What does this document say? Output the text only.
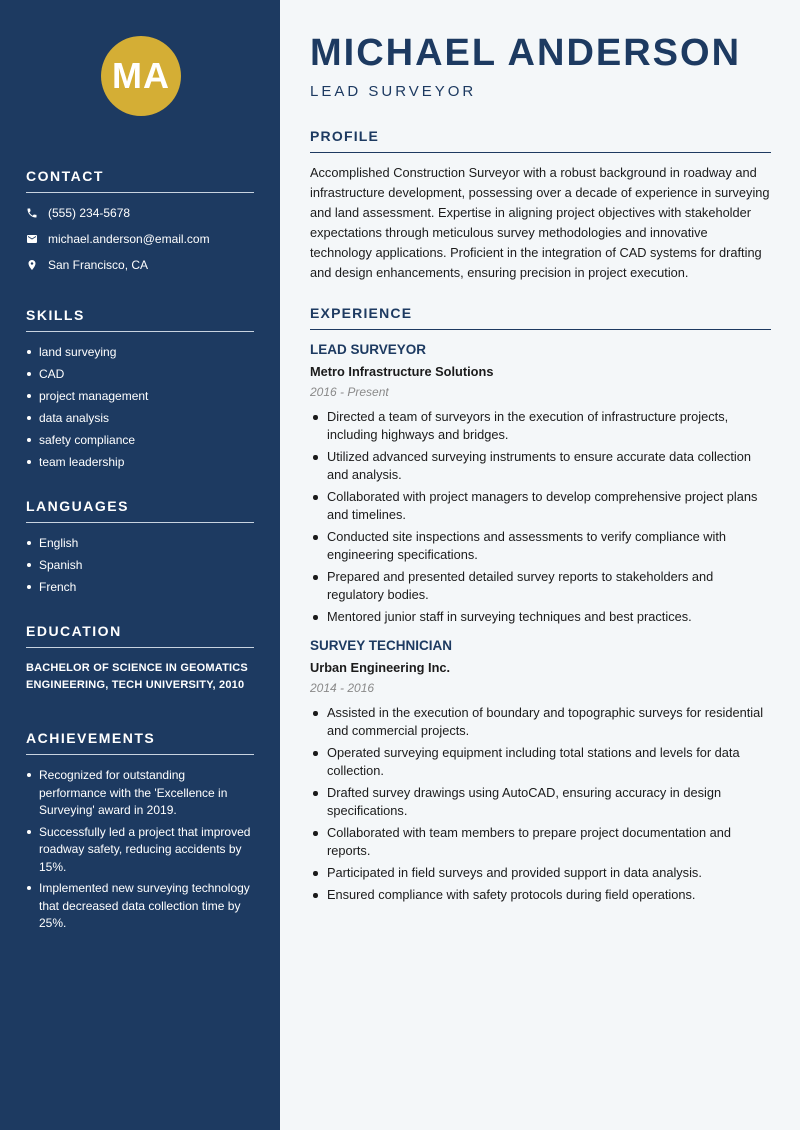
MA
CONTACT
(555) 234-5678
michael.anderson@email.com
San Francisco, CA
SKILLS
land surveying
CAD
project management
data analysis
safety compliance
team leadership
LANGUAGES
English
Spanish
French
EDUCATION
BACHELOR OF SCIENCE IN GEOMATICS ENGINEERING, TECH UNIVERSITY, 2010
ACHIEVEMENTS
Recognized for outstanding performance with the 'Excellence in Surveying' award in 2019.
Successfully led a project that improved roadway safety, reducing accidents by 15%.
Implemented new surveying technology that decreased data collection time by 25%.
MICHAEL ANDERSON
LEAD SURVEYOR
PROFILE

Accomplished Construction Surveyor with a robust background in roadway and infrastructure development, possessing over a decade of experience in surveying and land assessment. Expertise in aligning project objectives with stakeholder expectations through meticulous survey methodologies and innovative technology applications. Proficient in the integration of CAD systems for drafting and design enhancements, ensuring precision in project execution.

EXPERIENCE
LEAD SURVEYOR
Metro Infrastructure Solutions
2016 - Present
Directed a team of surveyors in the execution of infrastructure projects, including highways and bridges.
Utilized advanced surveying instruments to ensure accurate data collection and analysis.
Collaborated with project managers to develop comprehensive project plans and timelines.
Conducted site inspections and assessments to verify compliance with engineering specifications.
Prepared and presented detailed survey reports to stakeholders and regulatory bodies.
Mentored junior staff in surveying techniques and best practices.
SURVEY TECHNICIAN
Urban Engineering Inc.
2014 - 2016
Assisted in the execution of boundary and topographic surveys for residential and commercial projects.
Operated surveying equipment including total stations and levels for data collection.
Drafted survey drawings using AutoCAD, ensuring accuracy in design specifications.
Collaborated with team members to prepare project documentation and reports.
Participated in field surveys and provided support in data analysis.
Ensured compliance with safety protocols during field operations.
